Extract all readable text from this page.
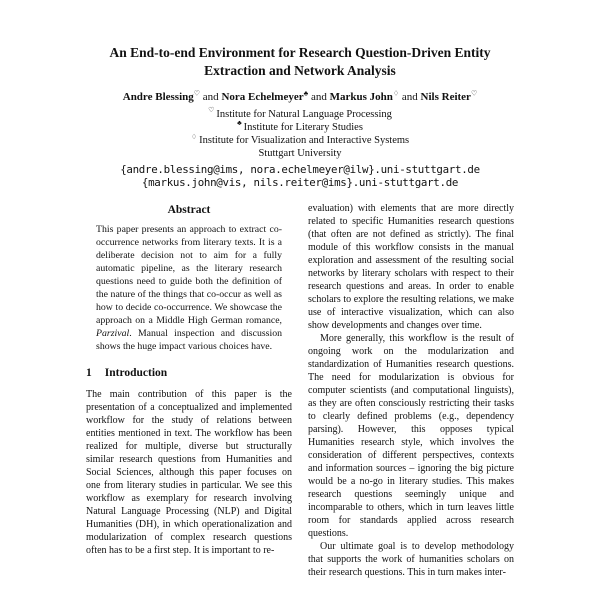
An End-to-end Environment for Research Question-Driven Entity Extraction and Network Analysis
Andre Blessing♡ and Nora Echelmeyer♣ and Markus John♢ and Nils Reiter♡
♡ Institute for Natural Language Processing
♣ Institute for Literary Studies
♢ Institute for Visualization and Interactive Systems
Stuttgart University
{andre.blessing@ims, nora.echelmeyer@ilw}.uni-stuttgart.de
{markus.john@vis, nils.reiter@ims}.uni-stuttgart.de
Abstract

This paper presents an approach to extract co-occurrence networks from literary texts. It is a deliberate decision not to aim for a fully automatic pipeline, as the literary research questions need to guide both the definition of the nature of the things that co-occur as well as how to decide co-occurrence. We showcase the approach on a Middle High German romance, Parzival. Manual inspection and discussion shows the huge impact various choices have.

1 Introduction

The main contribution of this paper is the presentation of a conceptualized and implemented workflow for the study of relations between entities mentioned in text. The workflow has been realized for multiple, diverse but structurally similar research questions from Humanities and Social Sciences, although this paper focuses on one from literary studies in particular. We see this workflow as exemplary for research involving Natural Language Processing (NLP) and Digital Humanities (DH), in which operationalization and modularization of complex research questions often has to be a first step. It is important to re-

evaluation) with elements that are more directly related to specific Humanities research questions (that often are not defined as strictly). The final module of this workflow consists in the manual exploration and assessment of the resulting social networks by literary scholars with respect to their research questions and areas. In order to enable scholars to explore the resulting relations, we make use of interactive visualization, which can also show developments and changes over time.

More generally, this workflow is the result of ongoing work on the modularization and standardization of Humanities research questions. The need for modularization is obvious for computer scientists (and computational linguists), as they are often consciously restricting their tasks to clearly defined problems (e.g., dependency parsing). However, this opposes typical Humanities research style, which involves the consideration of different perspectives, contexts and information sources – ignoring the big picture would be a no-go in literary studies. This makes research questions seemingly unique and incomparable to others, which in turn leaves little room for standards applied across research questions.

Our ultimate goal is to develop methodology that supports the work of humanities scholars on their research questions. This in turn makes inter-
